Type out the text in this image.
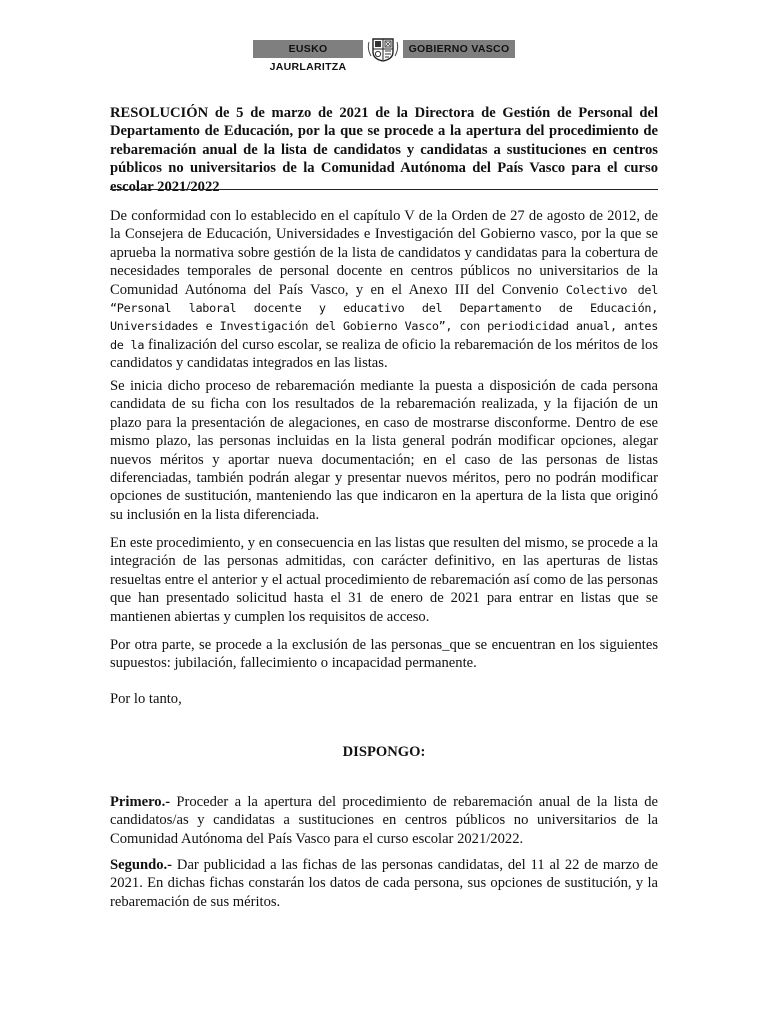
EUSKO JAURLARITZA
GOBIERNO VASCO
RESOLUCIÓN de 5 de marzo de 2021 de la Directora de Gestión de Personal del Departamento de Educación, por la que se procede a la apertura del procedimiento de rebaremación anual de la lista de candidatos y candidatas a sustituciones en centros públicos no universitarios de la Comunidad Autónoma del País Vasco para el curso escolar 2021/2022
De conformidad con lo establecido en el capítulo V de la Orden de 27 de agosto de 2012, de la Consejera de Educación, Universidades e Investigación del Gobierno vasco, por la que se aprueba la normativa sobre gestión de la lista de candidatos y candidatas para la cobertura de necesidades temporales de personal docente en centros públicos no universitarios de la Comunidad Autónoma del País Vasco, y en el Anexo III del Convenio Colectivo del “Personal laboral docente y educativo del Departamento de Educación, Universidades e Investigación del Gobierno Vasco”, con periodicidad anual, antes de la finalización del curso escolar, se realiza de oficio la rebaremación de los méritos de los candidatos y candidatas integrados en las listas.
Se inicia dicho proceso de rebaremación mediante la puesta a disposición de cada persona candidata de su ficha con los resultados de la rebaremación realizada, y la fijación de un plazo para la presentación de alegaciones, en caso de mostrarse disconforme. Dentro de ese mismo plazo, las personas incluidas en la lista general podrán modificar opciones, alegar nuevos méritos y aportar nueva documentación; en el caso de las personas de listas diferenciadas, también podrán alegar y presentar nuevos méritos, pero no podrán modificar opciones de sustitución, manteniendo las que indicaron en la apertura de la lista que originó su inclusión en la lista diferenciada.
En este procedimiento, y en consecuencia en las listas que resulten del mismo, se procede a la integración de las personas admitidas, con carácter definitivo, en las aperturas de listas resueltas entre el anterior y el actual procedimiento de rebaremación así como de las personas que han presentado solicitud hasta el 31 de enero de 2021 para entrar en listas que se mantienen abiertas y cumplen los requisitos de acceso.
Por otra parte, se procede a la exclusión de las personas_que se encuentran en los siguientes supuestos: jubilación, fallecimiento o incapacidad permanente.
Por lo tanto,
DISPONGO:
Primero.- Proceder a la apertura del procedimiento de rebaremación anual de la lista de candidatos/as y candidatas a sustituciones en centros públicos no universitarios de la Comunidad Autónoma del País Vasco para el curso escolar 2021/2022.
Segundo.- Dar publicidad a las fichas de las personas candidatas, del 11 al 22 de marzo de 2021. En dichas fichas constarán los datos de cada persona, sus opciones de sustitución, y la rebaremación de sus méritos.
